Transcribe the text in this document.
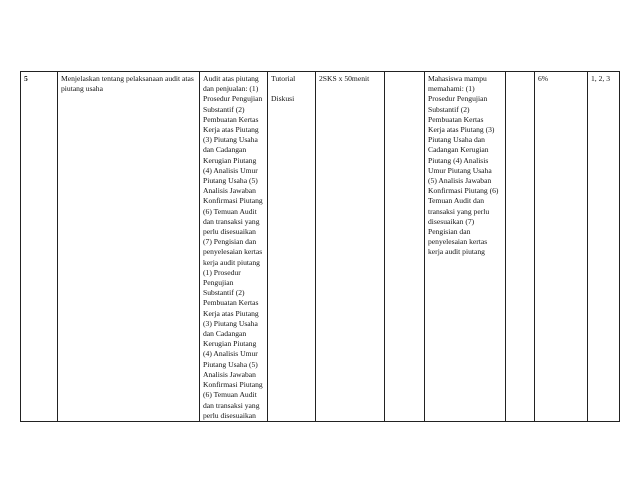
5	Menjelaskan tentang pelaksanaan audit atas piutang usaha	Audit atas piutang
dan penjualan: (1)
Prosedur Pengujian
Substantif (2)
Pembuatan Kertas
Kerja atas Piutang
(3) Piutang Usaha
dan Cadangan
Kerugian Piutang
(4) Analisis Umur
Piutang Usaha (5)
Analisis Jawaban
Konfirmasi Piutang
(6) Temuan Audit
dan transaksi yang
perlu disesuaikan
(7) Pengisian dan
penyelesaian kertas
kerja audit piutang
(1) Prosedur
Pengujian
Substantif (2)
Pembuatan Kertas
Kerja atas Piutang
(3) Piutang Usaha
dan Cadangan
Kerugian Piutang
(4) Analisis Umur
Piutang Usaha (5)
Analisis Jawaban
Konfirmasi Piutang
(6) Temuan Audit
dan transaksi yang
perlu disesuaikan	Tutorial

Diskusi	2SKS x 50menit		Mahasiswa mampu
memahami: (1)
Prosedur Pengujian
Substantif (2)
Pembuatan Kertas
Kerja atas Piutang (3)
Piutang Usaha dan
Cadangan Kerugian
Piutang (4) Analisis
Umur Piutang Usaha
(5) Analisis Jawaban
Konfirmasi Piutang (6)
Temuan Audit dan
transaksi yang perlu
disesuaikan (7)
Pengisian dan
penyelesaian kertas
kerja audit piutang		6%	1, 2, 3
